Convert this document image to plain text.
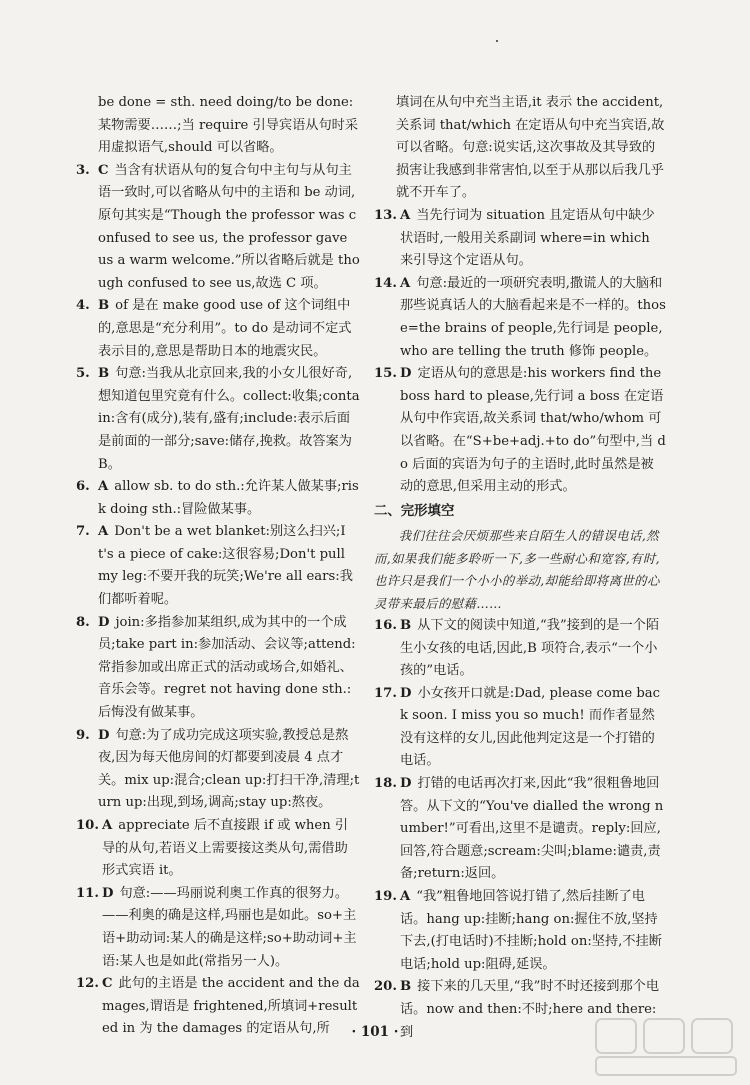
be done = sth. need doing/to be done:某物需要……;当 require 引导宾语从句时采用虚拟语气,should 可以省略。
3. C 当含有状语从句的复合句中主句与从句主语一致时,可以省略从句中的主语和 be 动词,原句其实是“Though the professor was confused to see us, the professor gave us a warm welcome.”所以省略后就是 though confused to see us,故选 C 项。
4. B of 是在 make good use of 这个词组中的,意思是“充分利用”。to do 是动词不定式表示目的,意思是帮助日本的地震灾民。
5. B 句意:当我从北京回来,我的小女儿很好奇,想知道包里究竟有什么。collect:收集;contain:含有(成分),装有,盛有;include:表示后面是前面的一部分;save:储存,挽救。故答案为 B。
6. A allow sb. to do sth.:允许某人做某事;risk doing sth.:冒险做某事。
7. A Don't be a wet blanket:别这么扫兴;It's a piece of cake:这很容易;Don't pull my leg:不要开我的玩笑;We're all ears:我们都听着呢。
8. D join:多指参加某组织,成为其中的一个成员;take part in:参加活动、会议等;attend:常指参加或出席正式的活动或场合,如婚礼、音乐会等。regret not having done sth.:后悔没有做某事。
9. D 句意:为了成功完成这项实验,教授总是熬夜,因为每天他房间的灯都要到凌晨 4 点才关。mix up:混合;clean up:打扫干净,清理;turn up:出现,到场,调高;stay up:熬夜。
10. A appreciate 后不直接跟 if 或 when 引导的从句,若语义上需要接这类从句,需借助形式宾语 it。
11. D 句意:——玛丽说利奥工作真的很努力。——利奥的确是这样,玛丽也是如此。so+主语+助动词:某人的确是这样;so+助动词+主语:某人也是如此(常指另一人)。
12. C 此句的主语是 the accident and the damages,谓语是 frightened,所填词+resulted in 为 the damages 的定语从句,所
填词在从句中充当主语,it 表示 the accident,关系词 that/which 在定语从句中充当宾语,故可以省略。句意:说实话,这次事故及其导致的损害让我感到非常害怕,以至于从那以后我几乎就不开车了。
13. A 当先行词为 situation 且定语从句中缺少状语时,一般用关系副词 where=in which 来引导这个定语从句。
14. A 句意:最近的一项研究表明,撒谎人的大脑和那些说真话人的大脑看起来是不一样的。those=the brains of people,先行词是 people, who are telling the truth 修饰 people。
15. D 定语从句的意思是:his workers find the boss hard to please,先行词 a boss 在定语从句中作宾语,故关系词 that/who/whom 可以省略。在“S+be+adj.+to do”句型中,当 do 后面的宾语为句子的主语时,此时虽然是被动的意思,但采用主动的形式。
二、完形填空

我们往往会厌烦那些来自陌生人的错误电话,然而,如果我们能多聆听一下,多一些耐心和宽容,有时,也许只是我们一个小小的举动,却能给即将离世的心灵带来最后的慰藉……

16. B 从下文的阅读中知道,“我”接到的是一个陌生小女孩的电话,因此,B 项符合,表示“一个小孩的”电话。
17. D 小女孩开口就是:Dad, please come back soon. I miss you so much! 而作者显然没有这样的女儿,因此他判定这是一个打错的电话。
18. D 打错的电话再次打来,因此“我”很粗鲁地回答。从下文的“You've dialled the wrong number!”可看出,这里不是谴责。reply:回应,回答,符合题意;scream:尖叫;blame:谴责,责备;return:返回。
19. A “我”粗鲁地回答说打错了,然后挂断了电话。hang up:挂断;hang on:握住不放,坚持下去,(打电话时)不挂断;hold on:坚持,不挂断电话;hold up:阻碍,延误。
20. B 接下来的几天里,“我”时不时还接到那个电话。now and then:不时;here and there:到
· 101 ·
